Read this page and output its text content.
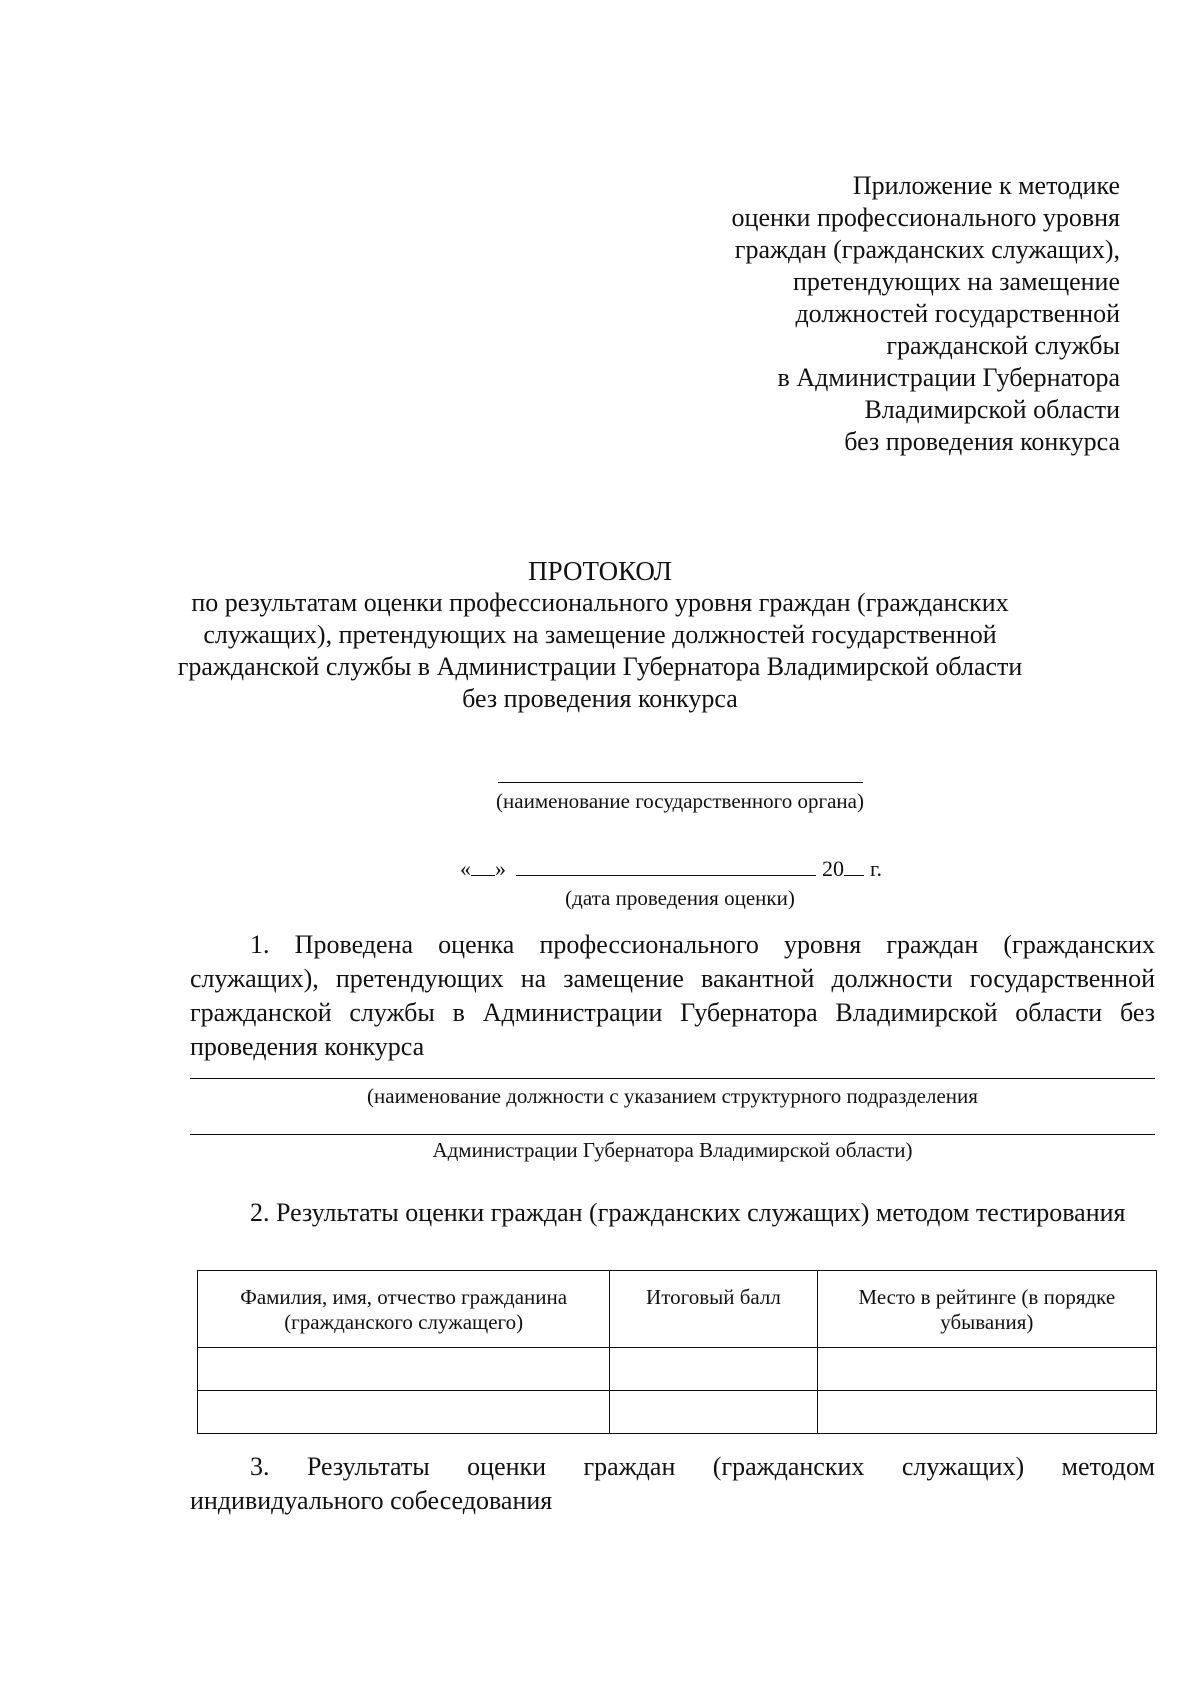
Приложение к методике
оценки профессионального уровня
граждан (гражданских служащих),
претендующих на замещение
должностей государственной
гражданской службы
в Администрации Губернатора
Владимирской области
без проведения конкурса
ПРОТОКОЛ
по результатам оценки профессионального уровня граждан (гражданских
служащих), претендующих на замещение должностей государственной
гражданской службы в Администрации Губернатора Владимирской области
без проведения конкурса
(наименование государственного органа)
« »	20 г.
(дата проведения оценки)
1. Проведена оценка профессионального уровня граждан (гражданских служащих), претендующих на замещение вакантной должности государственной гражданской службы в Администрации Губернатора Владимирской области без проведения конкурса
(наименование должности с указанием структурного подразделения
Администрации Губернатора Владимирской области)
2. Результаты оценки граждан (гражданских служащих) методом тестирования
Фамилия, имя, отчество гражданина (гражданского служащего)	Итоговый балл	Место в рейтинге (в порядке убывания)

3. Результаты оценки граждан (гражданских служащих) методом индивидуального собеседования
